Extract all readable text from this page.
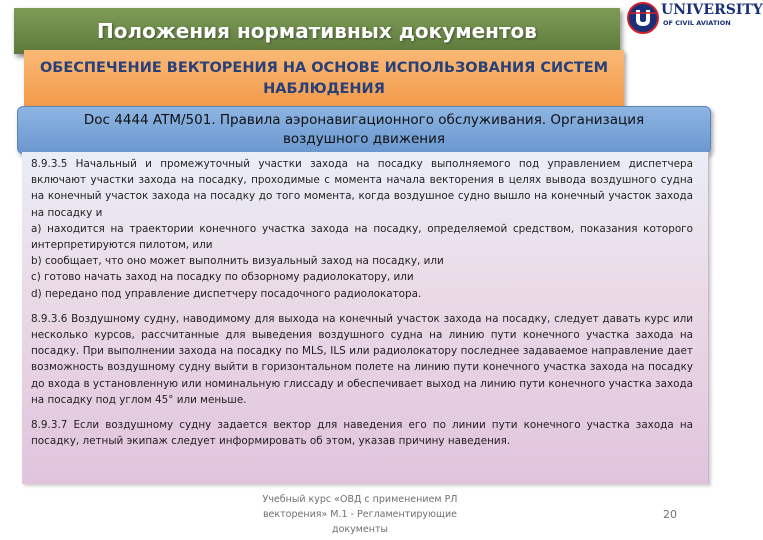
Положения нормативных документов
UNIVERSITY
OF CIVIL AVIATION
ОБЕСПЕЧЕНИЕ ВЕКТОРЕНИЯ НА ОСНОВЕ ИСПОЛЬЗОВАНИЯ СИСТЕМ
НАБЛЮДЕНИЯ
Doc 4444 ATM/501. Правила аэронавигационного обслуживания. Организация
воздушного движения

8.9.3.5 Начальный и промежуточный участки захода на посадку выполняемого под управлением диспетчера включают участки захода на посадку, проходимые с момента начала векторения в целях вывода воздушного судна на конечный участок захода на посадку до того момента, когда воздушное судно вышло на конечный участок захода на посадку и

a) находится на траектории конечного участка захода на посадку, определяемой средством, показания которого интерпретируются пилотом, или

b) сообщает, что оно может выполнить визуальный заход на посадку, или

c) готово начать заход на посадку по обзорному радиолокатору, или

d) передано под управление диспетчеру посадочного радиолокатора.

8.9.3.6 Воздушному судну, наводимому для выхода на конечный участок захода на посадку, следует давать курс или несколько курсов, рассчитанные для выведения воздушного судна на линию пути конечного участка захода на посадку. При выполнении захода на посадку по MLS, ILS или радиолокатору последнее задаваемое направление дает возможность воздушному судну выйти в горизонтальном полете на линию пути конечного участка захода на посадку до входа в установленную или номинальную глиссаду и обеспечивает выход на линию пути конечного участка захода на посадку под углом 45° или меньше.

8.9.3.7 Если воздушному судну задается вектор для наведения его по линии пути конечного участка захода на посадку, летный экипаж следует информировать об этом, указав причину наведения.

Учебный курс «ОВД с применением РЛ
векторения» М.1 - Регламентирующие
документы
20
